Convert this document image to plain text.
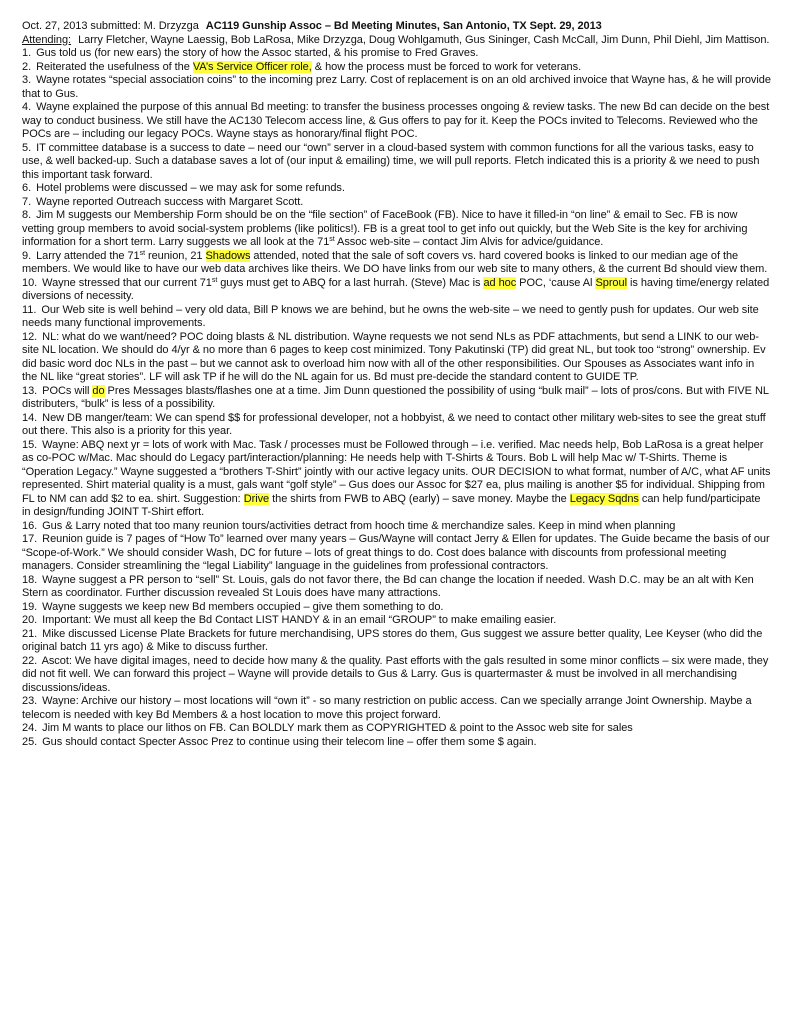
Oct. 27, 2013 submitted: M. Drzyzga AC119 Gunship Assoc – Bd Meeting Minutes, San Antonio, TX Sept. 29, 2013

Attending: Larry Fletcher, Wayne Laessig, Bob LaRosa, Mike Drzyzga, Doug Wohlgamuth, Gus Sininger, Cash McCall, Jim Dunn, Phil Diehl, Jim Mattison.

1. Gus told us (for new ears) the story of how the Assoc started, & his promise to Fred Graves.

2. Reiterated the usefulness of the VA’s Service Officer role, & how the process must be forced to work for veterans.

3. Wayne rotates “special association coins” to the incoming prez Larry. Cost of replacement is on an old archived invoice that Wayne has, & he will provide that to Gus.

4. Wayne explained the purpose of this annual Bd meeting: to transfer the business processes ongoing & review tasks. The new Bd can decide on the best way to conduct business. We still have the AC130 Telecom access line, & Gus offers to pay for it. Keep the POCs invited to Telecoms. Reviewed who the POCs are – including our legacy POCs. Wayne stays as honorary/final flight POC.

5. IT committee database is a success to date – need our “own” server in a cloud-based system with common functions for all the various tasks, easy to use, & well backed-up. Such a database saves a lot of (our input & emailing) time, we will pull reports. Fletch indicated this is a priority & we need to push this important task forward.

6. Hotel problems were discussed – we may ask for some refunds.

7. Wayne reported Outreach success with Margaret Scott.

8. Jim M suggests our Membership Form should be on the “file section” of FaceBook (FB). Nice to have it filled-in “on line” & email to Sec. FB is now vetting group members to avoid social-system problems (like politics!). FB is a great tool to get info out quickly, but the Web Site is the key for archiving information for a short term. Larry suggests we all look at the 71st Assoc web-site – contact Jim Alvis for advice/guidance.

9. Larry attended the 71st reunion, 21 Shadows attended, noted that the sale of soft covers vs. hard covered books is linked to our median age of the members. We would like to have our web data archives like theirs. We DO have links from our web site to many others, & the current Bd should view them.

10. Wayne stressed that our current 71st guys must get to ABQ for a last hurrah. (Steve) Mac is ad hoc POC, ‘cause Al Sproul is having time/energy related diversions of necessity.

11. Our Web site is well behind – very old data, Bill P knows we are behind, but he owns the web-site – we need to gently push for updates. Our web site needs many functional improvements.

12. NL: what do we want/need? POC doing blasts & NL distribution. Wayne requests we not send NLs as PDF attachments, but send a LINK to our web-site NL location. We should do 4/yr & no more than 6 pages to keep cost minimized. Tony Pakutinski (TP) did great NL, but took too “strong” ownership. Ev did basic word doc NLs in the past – but we cannot ask to overload him now with all of the other responsibilities. Our Spouses as Associates want info in the NL like “great stories”. LF will ask TP if he will do the NL again for us. Bd must pre-decide the standard content to GUIDE TP.

13. POCs will do Pres Messages blasts/flashes one at a time. Jim Dunn questioned the possibility of using “bulk mail” – lots of pros/cons. But with FIVE NL distributers, “bulk” is less of a possibility.

14. New DB manger/team: We can spend $$ for professional developer, not a hobbyist, & we need to contact other military web-sites to see the great stuff out there. This also is a priority for this year.

15. Wayne: ABQ next yr = lots of work with Mac. Task / processes must be Followed through – i.e. verified. Mac needs help, Bob LaRosa is a great helper as co-POC w/Mac. Mac should do Legacy part/interaction/planning: He needs help with T-Shirts & Tours. Bob L will help Mac w/ T-Shirts. Theme is “Operation Legacy.” Wayne suggested a “brothers T-Shirt” jointly with our active legacy units. OUR DECISION to what format, number of A/C, what AF units represented. Shirt material quality is a must, gals want “golf style” – Gus does our Assoc for $27 ea, plus mailing is another $5 for individual. Shipping from FL to NM can add $2 to ea. shirt. Suggestion: Drive the shirts from FWB to ABQ (early) – save money. Maybe the Legacy Sqdns can help fund/participate in design/funding JOINT T-Shirt effort.

16. Gus & Larry noted that too many reunion tours/activities detract from hooch time & merchandize sales. Keep in mind when planning

17. Reunion guide is 7 pages of “How To” learned over many years – Gus/Wayne will contact Jerry & Ellen for updates. The Guide became the basis of our “Scope-of-Work.” We should consider Wash, DC for future – lots of great things to do. Cost does balance with discounts from professional meeting managers. Consider streamlining the “legal Liability” language in the guidelines from professional contractors.

18. Wayne suggest a PR person to “sell” St. Louis, gals do not favor there, the Bd can change the location if needed. Wash D.C. may be an alt with Ken Stern as coordinator. Further discussion revealed St Louis does have many attractions.

19. Wayne suggests we keep new Bd members occupied – give them something to do.

20. Important: We must all keep the Bd Contact LIST HANDY & in an email “GROUP” to make emailing easier.

21. Mike discussed License Plate Brackets for future merchandising, UPS stores do them, Gus suggest we assure better quality, Lee Keyser (who did the original batch 11 yrs ago) & Mike to discuss further.

22. Ascot: We have digital images, need to decide how many & the quality. Past efforts with the gals resulted in some minor conflicts – six were made, they did not fit well. We can forward this project – Wayne will provide details to Gus & Larry. Gus is quartermaster & must be involved in all merchandising discussions/ideas.

23. Wayne: Archive our history – most locations will “own it” - so many restriction on public access. Can we specially arrange Joint Ownership. Maybe a telecom is needed with key Bd Members & a host location to move this project forward.

24. Jim M wants to place our lithos on FB. Can BOLDLY mark them as COPYRIGHTED & point to the Assoc web site for sales

25. Gus should contact Specter Assoc Prez to continue using their telecom line – offer them some $ again.
